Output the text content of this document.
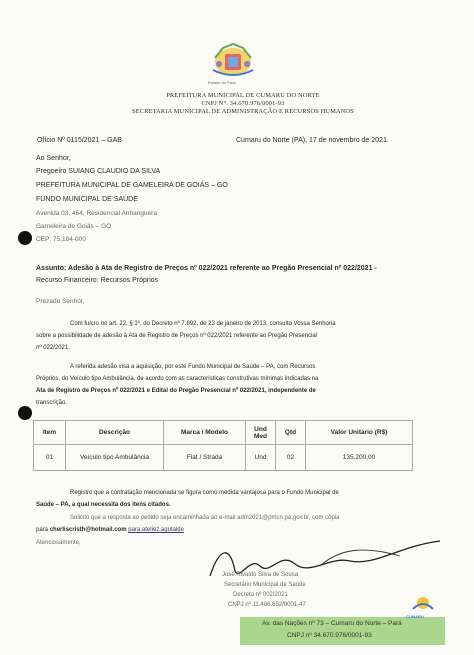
Estado do Pará
PREFEITURA MUNICIPAL DE CUMARU DO NORTE
CNPJ N°. 34.670.976/0001-93
SECRETARIA MUNICIPAL DE ADMINISTRAÇÃO E RECURSOS HUMANOS
Ofício Nº 0115/2021 – GAB	Cumaru do Norte (PA), 17 de novembro de 2021.
Ao Senhor,
Pregoeiro SUIANG CLAUDIO DA SILVA
PREFEITURA MUNICIPAL DE GAMELEIRA DE GOIÁS – GO
FUNDO MUNICIPAL DE SAÚDE
Avenida 03, 464, Residencial Anhanguera
Gameleira de Goiás – GO
CEP: 75.184-000
Assunto: Adesão à Ata de Registro de Preços nº 022/2021 referente ao Pregão Presencial nº 022/2021 -
Recurso Financeiro: Recursos Próprios
Prezado Senhor,
Com fulcro no art. 22, § 1º, do Decreto nº 7.892, de 23 de janeiro de 2013, consulto Vossa Senhoria
sobre a possibilidade de adesão à Ata de Registro de Preços nº 022/2021 referente ao Pregão Presencial
nº 022/2021.
A referida adesão visa a aquisição, por este Fundo Municipal de Saúde – PA, com Recursos
Próprios, do Veículo tipo Ambulância, de acordo com as características construtivas mínimas indicadas na
Ata de Registro de Preços nº 022/2021 e Edital do Pregão Presencial nº 022/2021, independente de
transcrição.
Item	Descrição	Marca / Modelo	Und Med	Qtd	Valor Unitário (R$)
01	Veículo tipo Ambulância	Fiat / Strada	Und	02	135.200,00
Registro que a contratação mencionada se figura como medida vantajosa para o Fundo Municipal de
Saúde – PA, a qual necessita dos itens citados.
Solicito que a resposta ao pedido seja encaminhada ao e-mail adm2021@pmcn.pa.gov.br, com cópia
para cherliscristh@hotmail.com para.ateliez.agutalde
Atenciosamente,
José Rivaldo Silva de Sousa
Secretário Municipal de Saúde
Decreto nº 002/2021
CNPJ nº 11.406.652/0001-47
Av. das Nações nº 73 – Cumaru do Norte – Pará
CNPJ nº 34.670.976/0001-93
CUMARU
